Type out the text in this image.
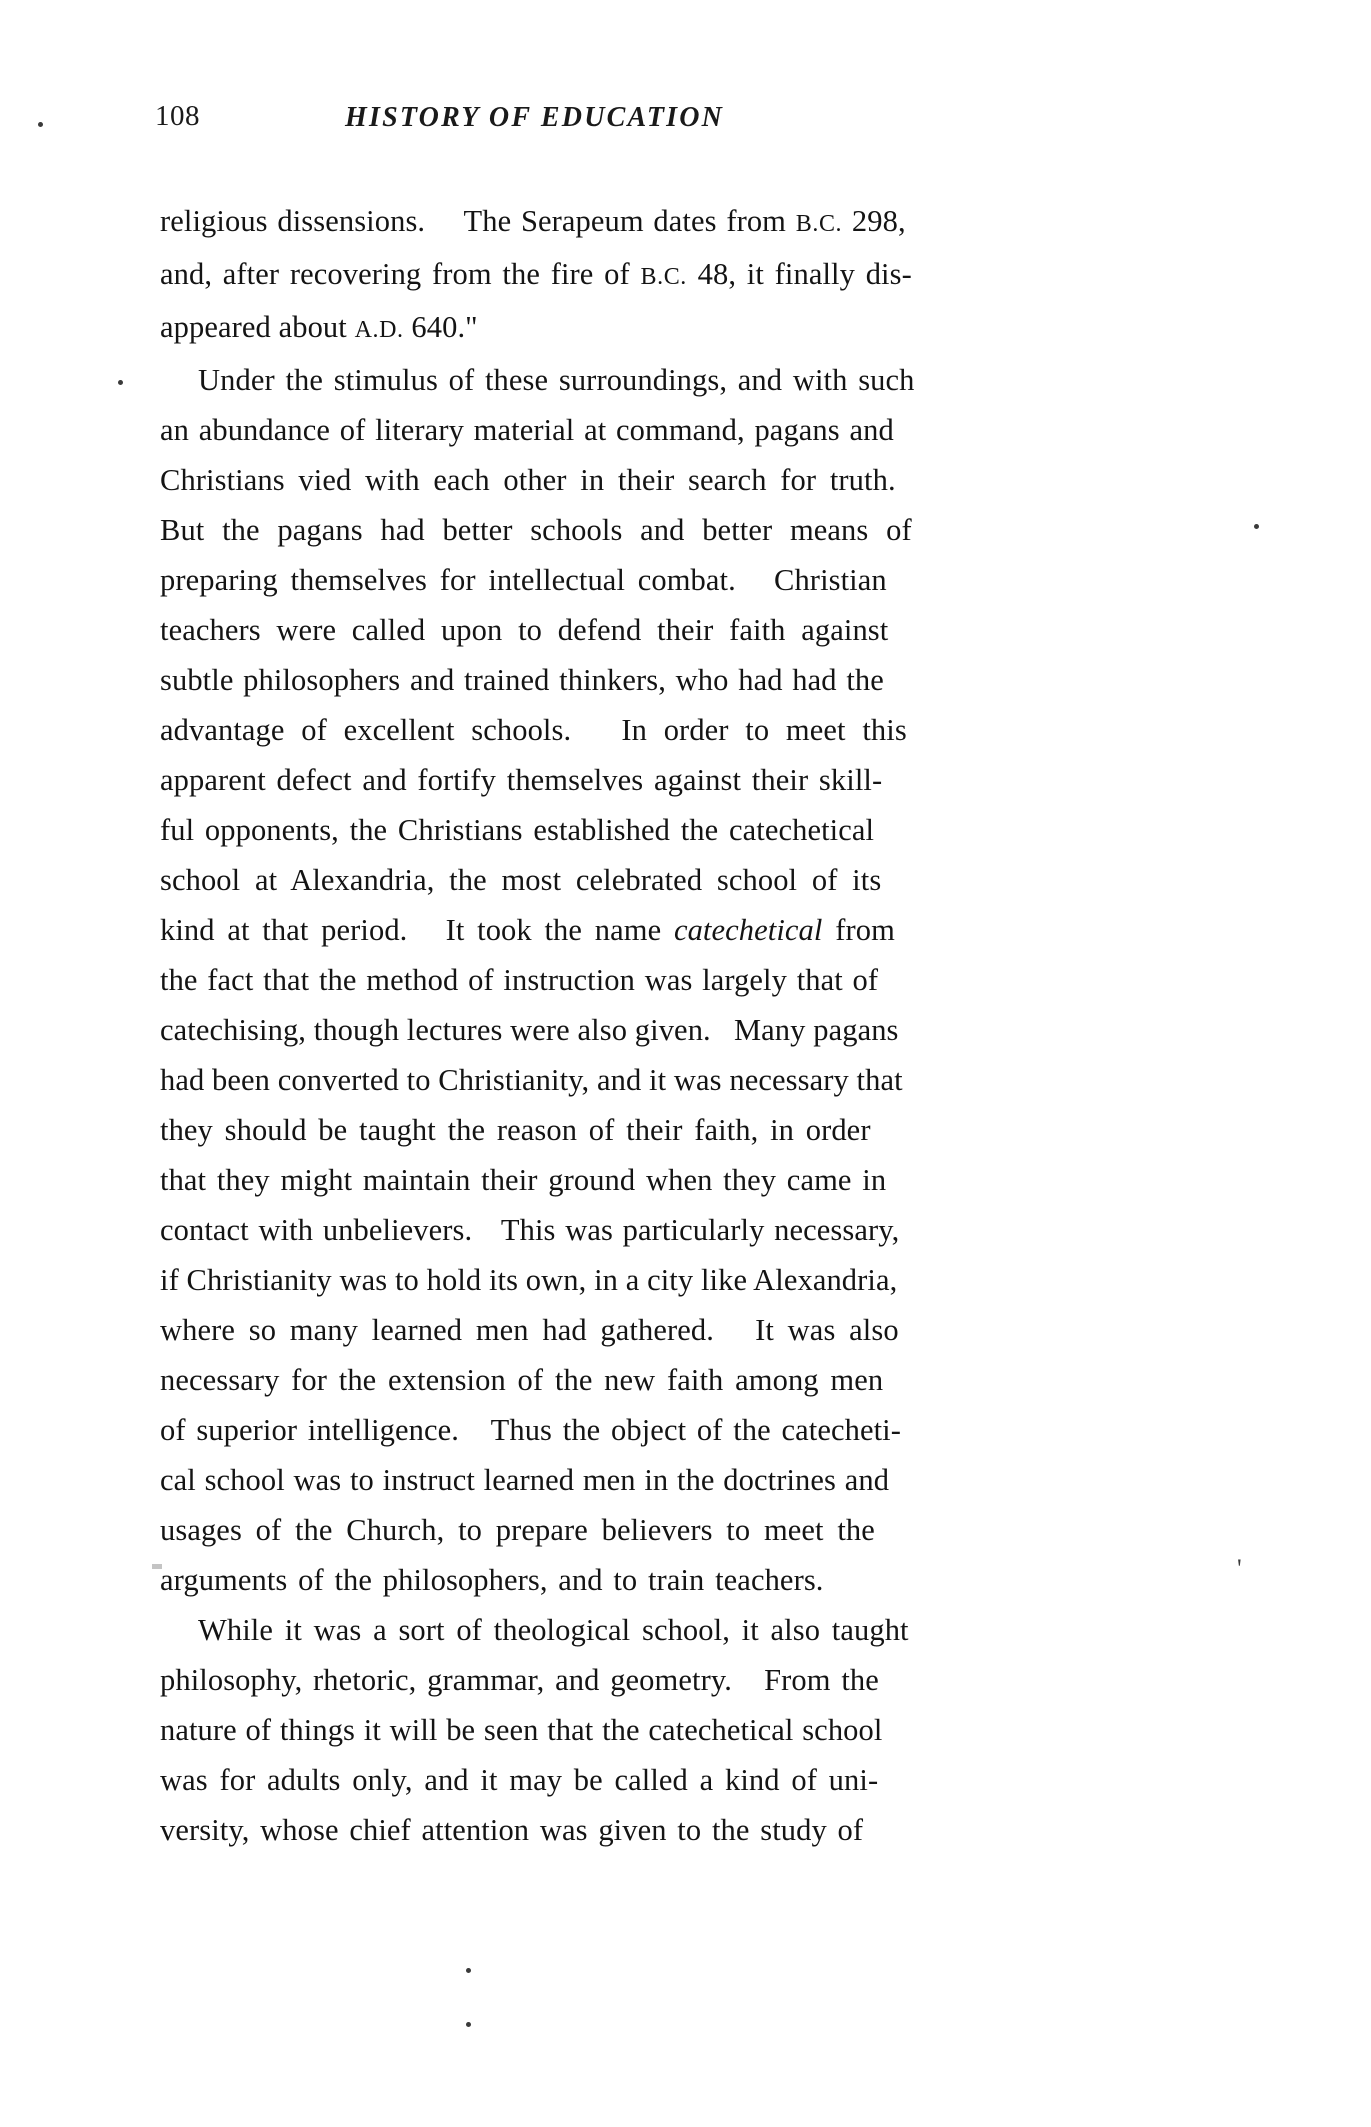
108	HISTORY OF EDUCATION
religious dissensions.    The Serapeum dates from B.C. 298,
and, after recovering from the fire of B.C. 48, it finally dis-
appeared about A.D. 640."
Under the stimulus of these surroundings, and with such
an abundance of literary material at command, pagans and
Christians vied with each other in their search for truth.
But the pagans had better schools and better means of
preparing themselves for intellectual combat.   Christian
teachers were called upon to defend their faith against
subtle philosophers and trained thinkers, who had had the
advantage of excellent schools.   In order to meet this
apparent defect and fortify themselves against their skill-
ful opponents, the Christians established the catechetical
school at Alexandria, the most celebrated school of its
kind at that period.   It took the name catechetical from
the fact that the method of instruction was largely that of
catechising, though lectures were also given.   Many pagans
had been converted to Christianity, and it was necessary that
they should be taught the reason of their faith, in order
that they might maintain their ground when they came in
contact with unbelievers.   This was particularly necessary,
if Christianity was to hold its own, in a city like Alexandria,
where so many learned men had gathered.   It was also
necessary for the extension of the new faith among men
of superior intelligence.   Thus the object of the catecheti-
cal school was to instruct learned men in the doctrines and
usages of the Church, to prepare believers to meet the
arguments of the philosophers, and to train teachers.
While it was a sort of theological school, it also taught
philosophy, rhetoric, grammar, and geometry.   From the
nature of things it will be seen that the catechetical school
was for adults only, and it may be called a kind of uni-
versity, whose chief attention was given to the study of
'
